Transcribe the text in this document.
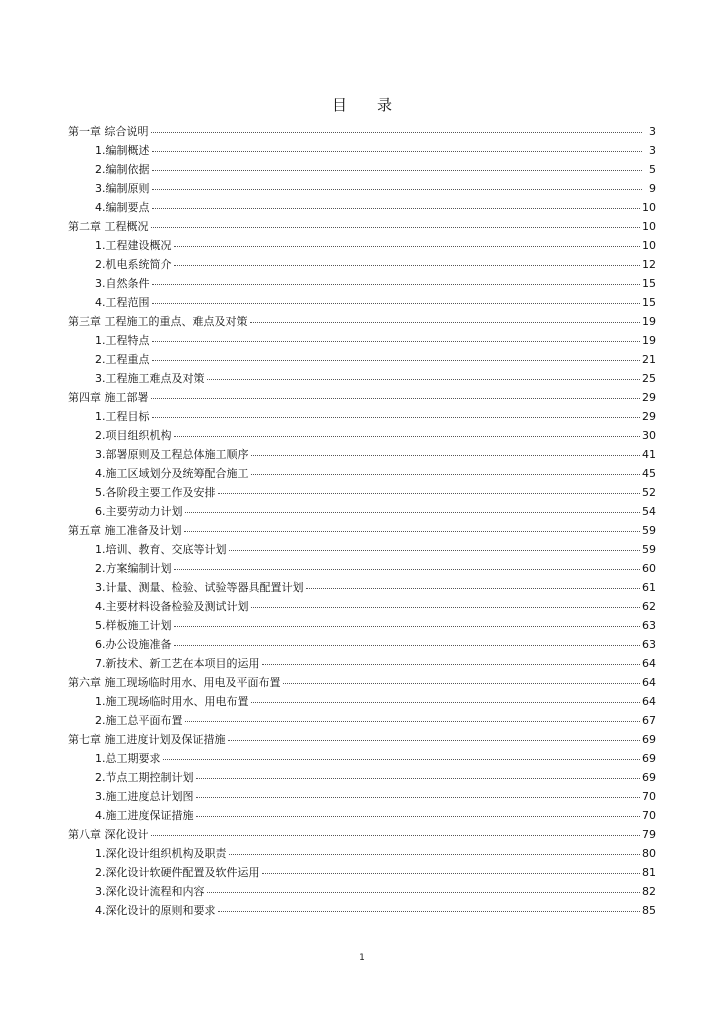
目录
第一章 综合说明	3
1.编制概述	3
2.编制依据	5
3.编制原则	9
4.编制要点	10
第二章 工程概况	10
1.工程建设概况	10
2.机电系统简介	12
3.自然条件	15
4.工程范围	15
第三章 工程施工的重点、难点及对策	19
1.工程特点	19
2.工程重点	21
3.工程施工难点及对策	25
第四章 施工部署	29
1.工程目标	29
2.项目组织机构	30
3.部署原则及工程总体施工顺序	41
4.施工区域划分及统筹配合施工	45
5.各阶段主要工作及安排	52
6.主要劳动力计划	54
第五章 施工准备及计划	59
1.培训、教育、交底等计划	59
2.方案编制计划	60
3.计量、测量、检验、试验等器具配置计划	61
4.主要材料设备检验及测试计划	62
5.样板施工计划	63
6.办公设施准备	63
7.新技术、新工艺在本项目的运用	64
第六章 施工现场临时用水、用电及平面布置	64
1.施工现场临时用水、用电布置	64
2.施工总平面布置	67
第七章 施工进度计划及保证措施	69
1.总工期要求	69
2.节点工期控制计划	69
3.施工进度总计划图	70
4.施工进度保证措施	70
第八章 深化设计	79
1.深化设计组织机构及职责	80
2.深化设计软硬件配置及软件运用	81
3.深化设计流程和内容	82
4.深化设计的原则和要求	85
1
